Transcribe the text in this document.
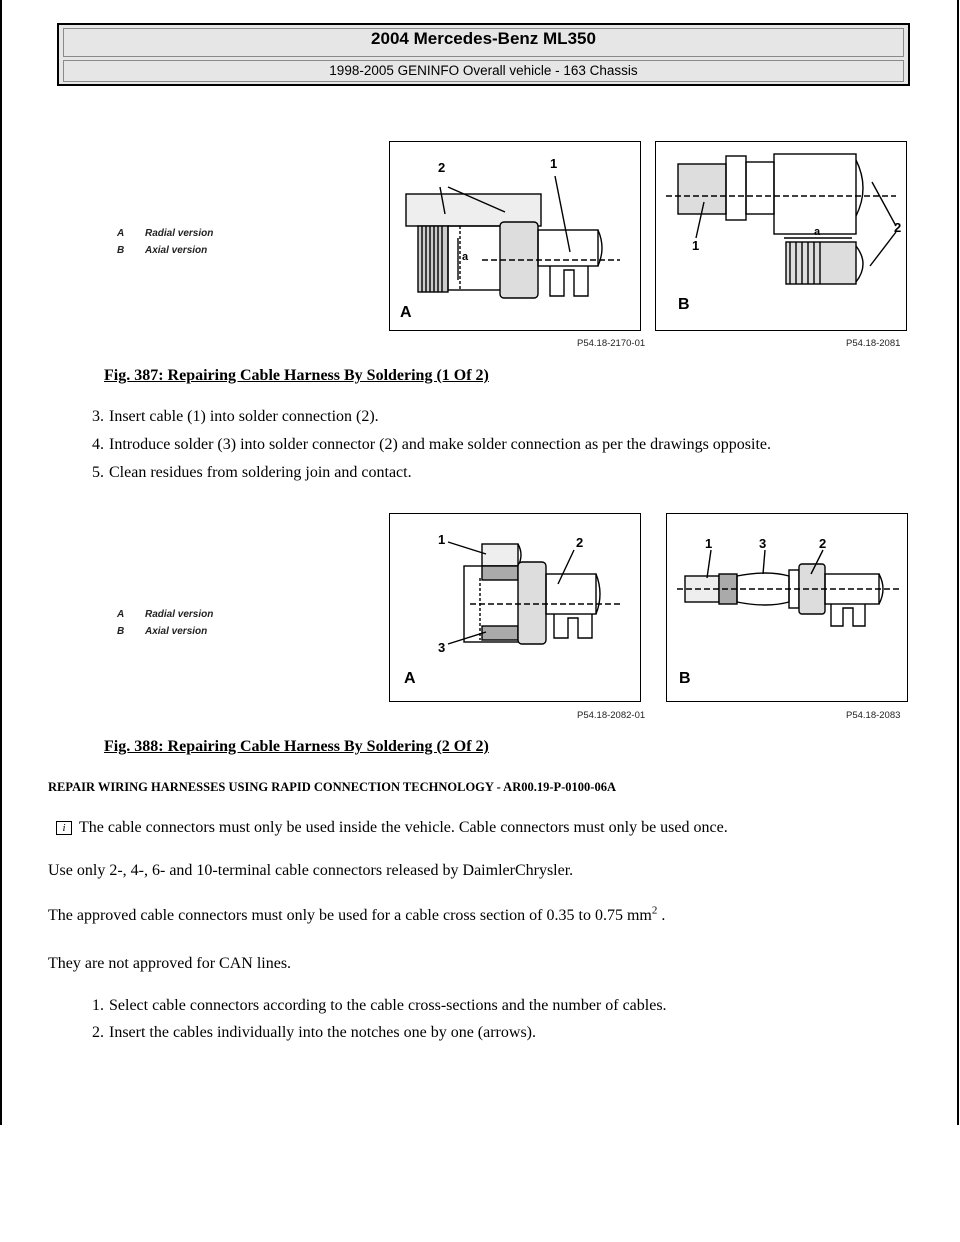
2004 Mercedes-Benz ML350
1998-2005 GENINFO Overall vehicle - 163 Chassis
A Radial version
B Axial version
2	1
a
A
P54.18-2170-01
1
2
a
B
P54.18-2081
Fig. 387: Repairing Cable Harness By Soldering (1 Of 2)
3. Insert cable (1) into solder connection (2).
4. Introduce solder (3) into solder connector (2) and make solder connection as per the drawings opposite.
5. Clean residues from soldering join and contact.
A Radial version
B Axial version
1	2
3
A
P54.18-2082-01
1	3	2
B
P54.18-2083
Fig. 388: Repairing Cable Harness By Soldering (2 Of 2)
REPAIR WIRING HARNESSES USING RAPID CONNECTION TECHNOLOGY - AR00.19-P-0100-06A
i The cable connectors must only be used inside the vehicle. Cable connectors must only be used once.
Use only 2-, 4-, 6- and 10-terminal cable connectors released by DaimlerChrysler.
The approved cable connectors must only be used for a cable cross section of 0.35 to 0.75 $mm^2$ .
They are not approved for CAN lines.
1. Select cable connectors according to the cable cross-sections and the number of cables.
2. Insert the cables individually into the notches one by one (arrows).
